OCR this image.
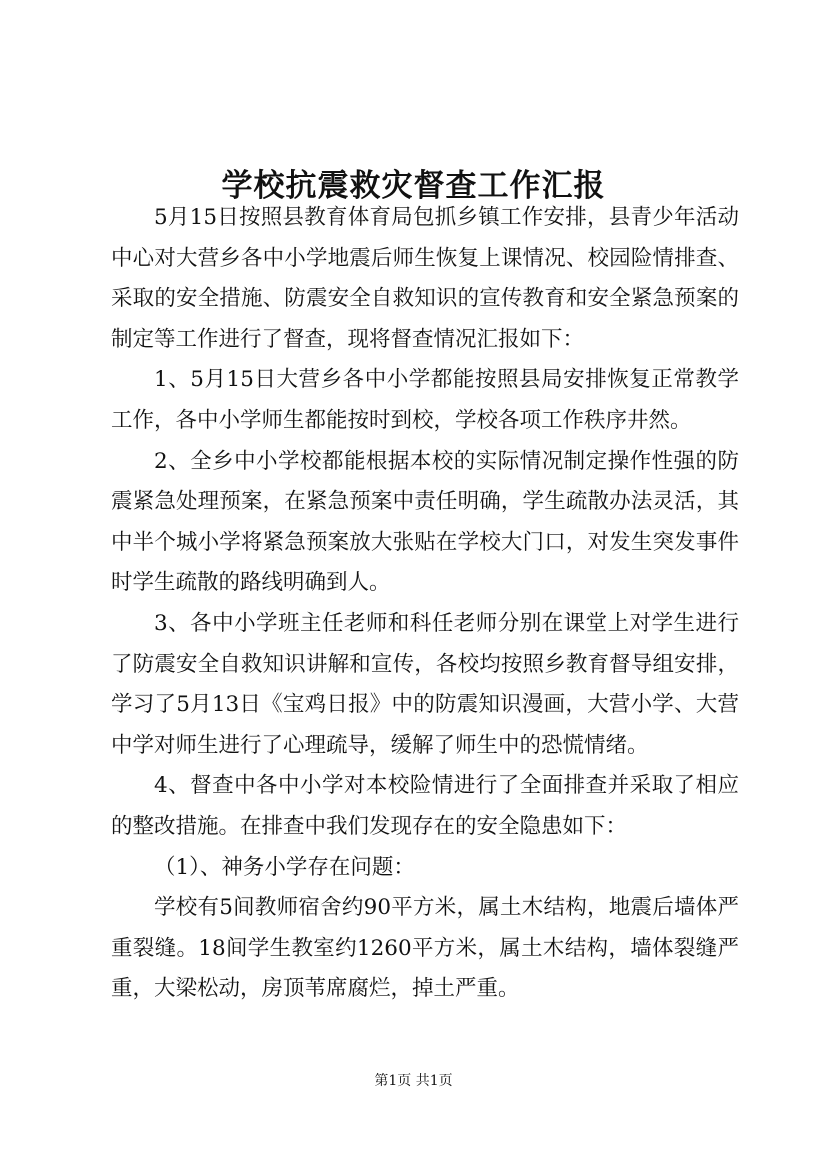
学校抗震救灾督查工作汇报

5月15日按照县教育体育局包抓乡镇工作安排，县青少年活动中心对大营乡各中小学地震后师生恢复上课情况、校园险情排查、采取的安全措施、防震安全自救知识的宣传教育和安全紧急预案的制定等工作进行了督查，现将督查情况汇报如下：

1、5月15日大营乡各中小学都能按照县局安排恢复正常教学工作，各中小学师生都能按时到校，学校各项工作秩序井然。

2、全乡中小学校都能根据本校的实际情况制定操作性强的防震紧急处理预案，在紧急预案中责任明确，学生疏散办法灵活，其中半个城小学将紧急预案放大张贴在学校大门口，对发生突发事件时学生疏散的路线明确到人。

3、各中小学班主任老师和科任老师分别在课堂上对学生进行了防震安全自救知识讲解和宣传，各校均按照乡教育督导组安排，学习了5月13日《宝鸡日报》中的防震知识漫画，大营小学、大营中学对师生进行了心理疏导，缓解了师生中的恐慌情绪。

4、督查中各中小学对本校险情进行了全面排查并采取了相应的整改措施。在排查中我们发现存在的安全隐患如下：

（1）、神务小学存在问题：

学校有5间教师宿舍约90平方米，属土木结构，地震后墙体严重裂缝。18间学生教室约1260平方米，属土木结构，墙体裂缝严重，大梁松动，房顶苇席腐烂，掉土严重。

第1页 共1页
